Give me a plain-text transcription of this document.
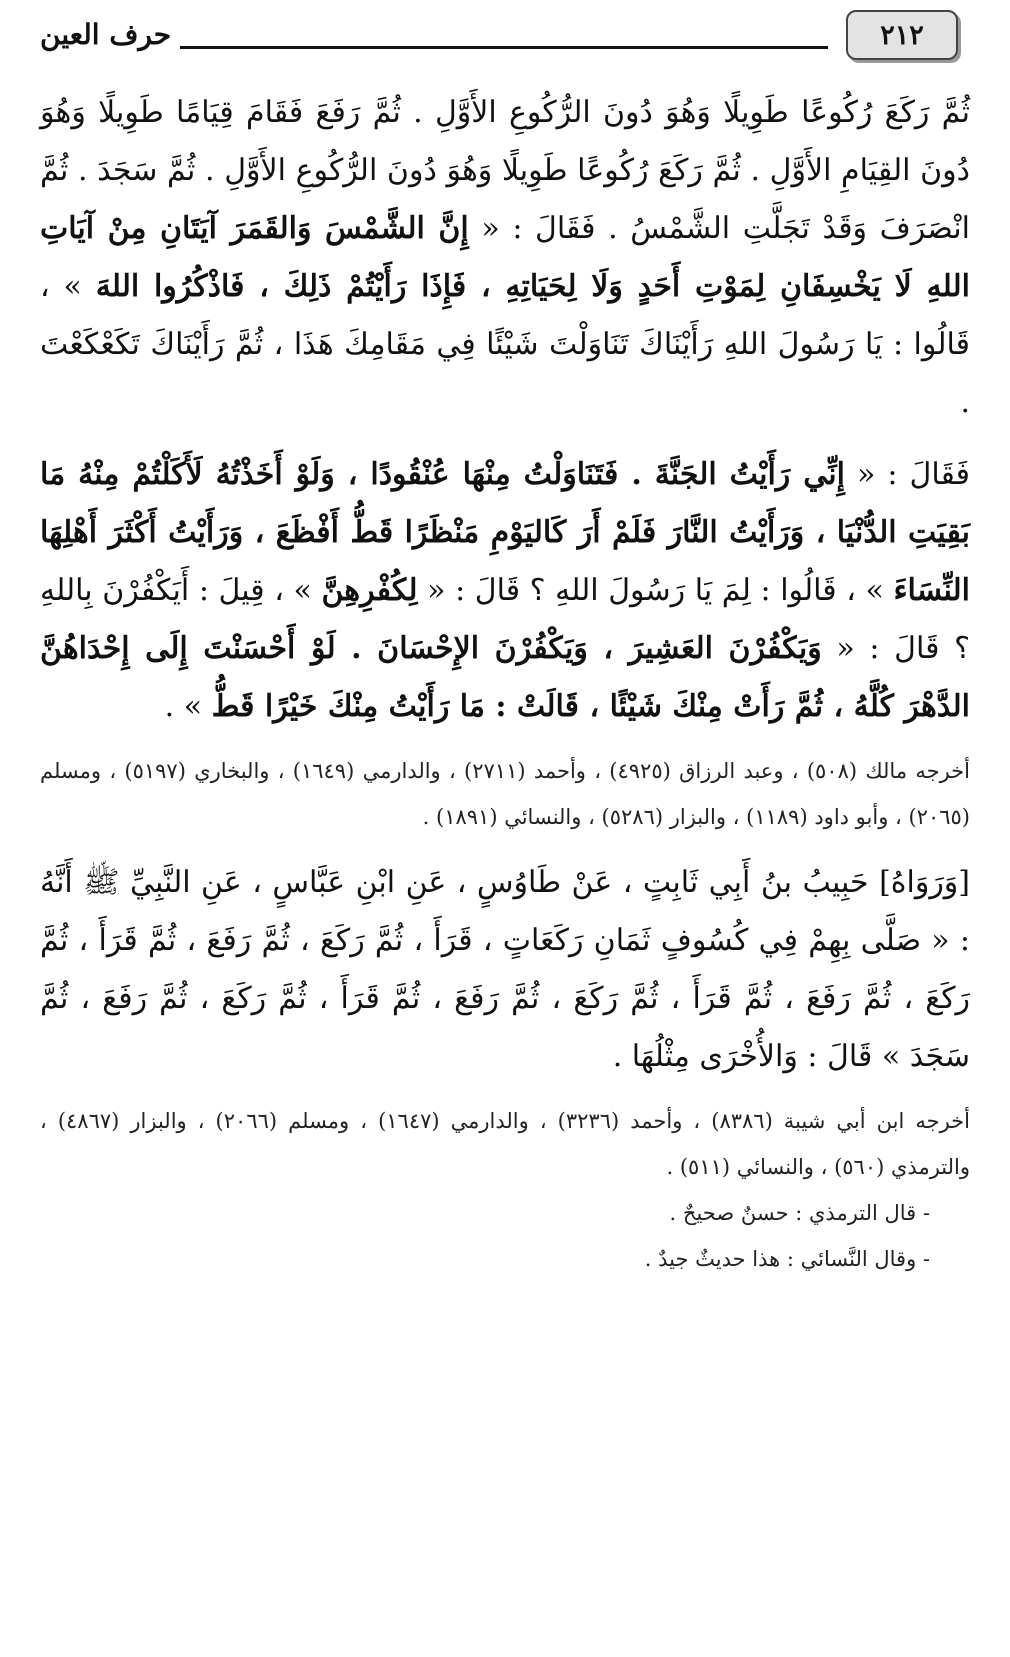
٢١٢
حرف العين

ثُمَّ رَكَعَ رُكُوعًا طَوِيلًا وَهُوَ دُونَ الرُّكُوعِ الأَوَّلِ . ثُمَّ رَفَعَ فَقَامَ قِيَامًا طَوِيلًا وَهُوَ دُونَ القِيَامِ الأَوَّلِ . ثُمَّ رَكَعَ رُكُوعًا طَوِيلًا وَهُوَ دُونَ الرُّكُوعِ الأَوَّلِ . ثُمَّ سَجَدَ . ثُمَّ انْصَرَفَ وَقَدْ تَجَلَّتِ الشَّمْسُ . فَقَالَ : « إِنَّ الشَّمْسَ وَالقَمَرَ آيَتَانِ مِنْ آيَاتِ اللهِ لَا يَخْسِفَانِ لِمَوْتِ أَحَدٍ وَلَا لِحَيَاتِهِ ، فَإِذَا رَأَيْتُمْ ذَلِكَ ، فَاذْكُرُوا اللهَ » ، قَالُوا : يَا رَسُولَ اللهِ رَأَيْنَاكَ تَنَاوَلْتَ شَيْئًا فِي مَقَامِكَ هَذَا ، ثُمَّ رَأَيْنَاكَ تَكَعْكَعْتَ .

فَقَالَ : « إِنِّي رَأَيْتُ الجَنَّةَ . فَتَنَاوَلْتُ مِنْهَا عُنْقُودًا ، وَلَوْ أَخَذْتُهُ لَأَكَلْتُمْ مِنْهُ مَا بَقِيَتِ الدُّنْيَا ، وَرَأَيْتُ النَّارَ فَلَمْ أَرَ كَاليَوْمِ مَنْظَرًا قَطُّ أَفْظَعَ ، وَرَأَيْتُ أَكْثَرَ أَهْلِهَا النِّسَاءَ » ، قَالُوا : لِمَ يَا رَسُولَ اللهِ ؟ قَالَ : « لِكُفْرِهِنَّ » ، قِيلَ : أَيَكْفُرْنَ بِاللهِ ؟ قَالَ : « وَيَكْفُرْنَ العَشِيرَ ، وَيَكْفُرْنَ الإِحْسَانَ . لَوْ أَحْسَنْتَ إِلَى إِحْدَاهُنَّ الدَّهْرَ كُلَّهُ ، ثُمَّ رَأَتْ مِنْكَ شَيْئًا ، قَالَتْ : مَا رَأَيْتُ مِنْكَ خَيْرًا قَطُّ » .

أخرجه مالك (٥٠٨) ، وعبد الرزاق (٤٩٢٥) ، وأحمد (٢٧١١) ، والدارمي (١٦٤٩) ، والبخاري (٥١٩٧) ، ومسلم (٢٠٦٥) ، وأبو داود (١١٨٩) ، والبزار (٥٢٨٦) ، والنسائي (١٨٩١) .

[وَرَوَاهُ] حَبِيبُ بنُ أَبِي ثَابِتٍ ، عَنْ طَاوُسٍ ، عَنِ ابْنِ عَبَّاسٍ ، عَنِ النَّبِيِّ ﷺ أَنَّهُ : « صَلَّى بِهِمْ فِي كُسُوفٍ ثَمَانِ رَكَعَاتٍ ، قَرَأَ ، ثُمَّ رَكَعَ ، ثُمَّ رَفَعَ ، ثُمَّ قَرَأَ ، ثُمَّ رَكَعَ ، ثُمَّ رَفَعَ ، ثُمَّ قَرَأَ ، ثُمَّ رَكَعَ ، ثُمَّ رَفَعَ ، ثُمَّ قَرَأَ ، ثُمَّ رَكَعَ ، ثُمَّ رَفَعَ ، ثُمَّ سَجَدَ » قَالَ : وَالأُخْرَى مِثْلُهَا .

أخرجه ابن أبي شيبة (٨٣٨٦) ، وأحمد (٣٢٣٦) ، والدارمي (١٦٤٧) ، ومسلم (٢٠٦٦) ، والبزار (٤٨٦٧) ، والترمذي (٥٦٠) ، والنسائي (٥١١) .

- قال الترمذي : حسنٌ صحيحٌ .

- وقال النَّسائي : هذا حديثٌ جيدٌ .
